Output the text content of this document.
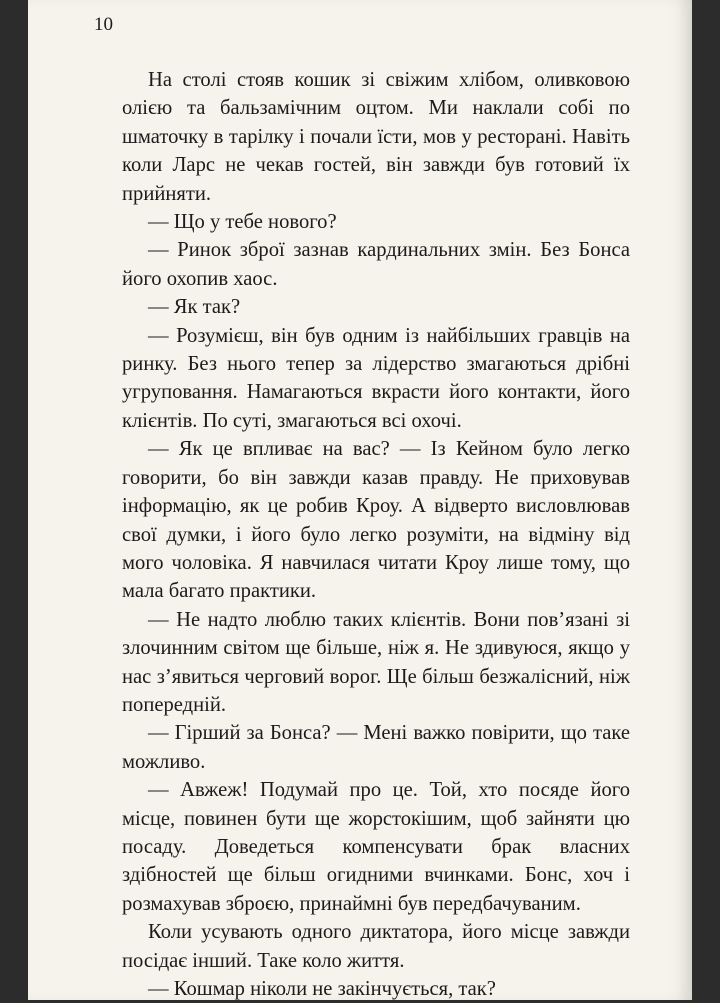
10

На столі стояв кошик зі свіжим хлібом, оливковою олією та бальзамічним оцтом. Ми наклали собі по шматочку в тарілку і почали їсти, мов у ресторані. Навіть коли Ларс не чекав гостей, він завжди був готовий їх прийняти.

— Що у тебе нового?

— Ринок зброї зазнав кардинальних змін. Без Бонса його охопив хаос.

— Як так?

— Розумієш, він був одним із найбільших гравців на ринку. Без нього тепер за лідерство змагаються дрібні угруповання. Намагаються вкрасти його контакти, його клієнтів. По суті, змагаються всі охочі.

— Як це впливає на вас? — Із Кейном було легко говорити, бо він завжди казав правду. Не приховував інформацію, як це робив Кроу. А відверто висловлював свої думки, і його було легко розуміти, на відміну від мого чоловіка. Я навчилася читати Кроу лише тому, що мала багато практики.

— Не надто люблю таких клієнтів. Вони пов’язані зі злочинним світом ще більше, ніж я. Не здивуюся, якщо у нас з’явиться черговий ворог. Ще більш безжалісний, ніж попередній.

— Гірший за Бонса? — Мені важко повірити, що таке можливо.

— Авжеж! Подумай про це. Той, хто посяде його місце, повинен бути ще жорстокішим, щоб зайняти цю посаду. Доведеться компенсувати брак власних здібностей ще більш огидними вчинками. Бонс, хоч і розмахував зброєю, принаймні був передбачуваним.

Коли усувають одного диктатора, його місце завжди посідає інший. Таке коло життя.

— Кошмар ніколи не закінчується, так?
